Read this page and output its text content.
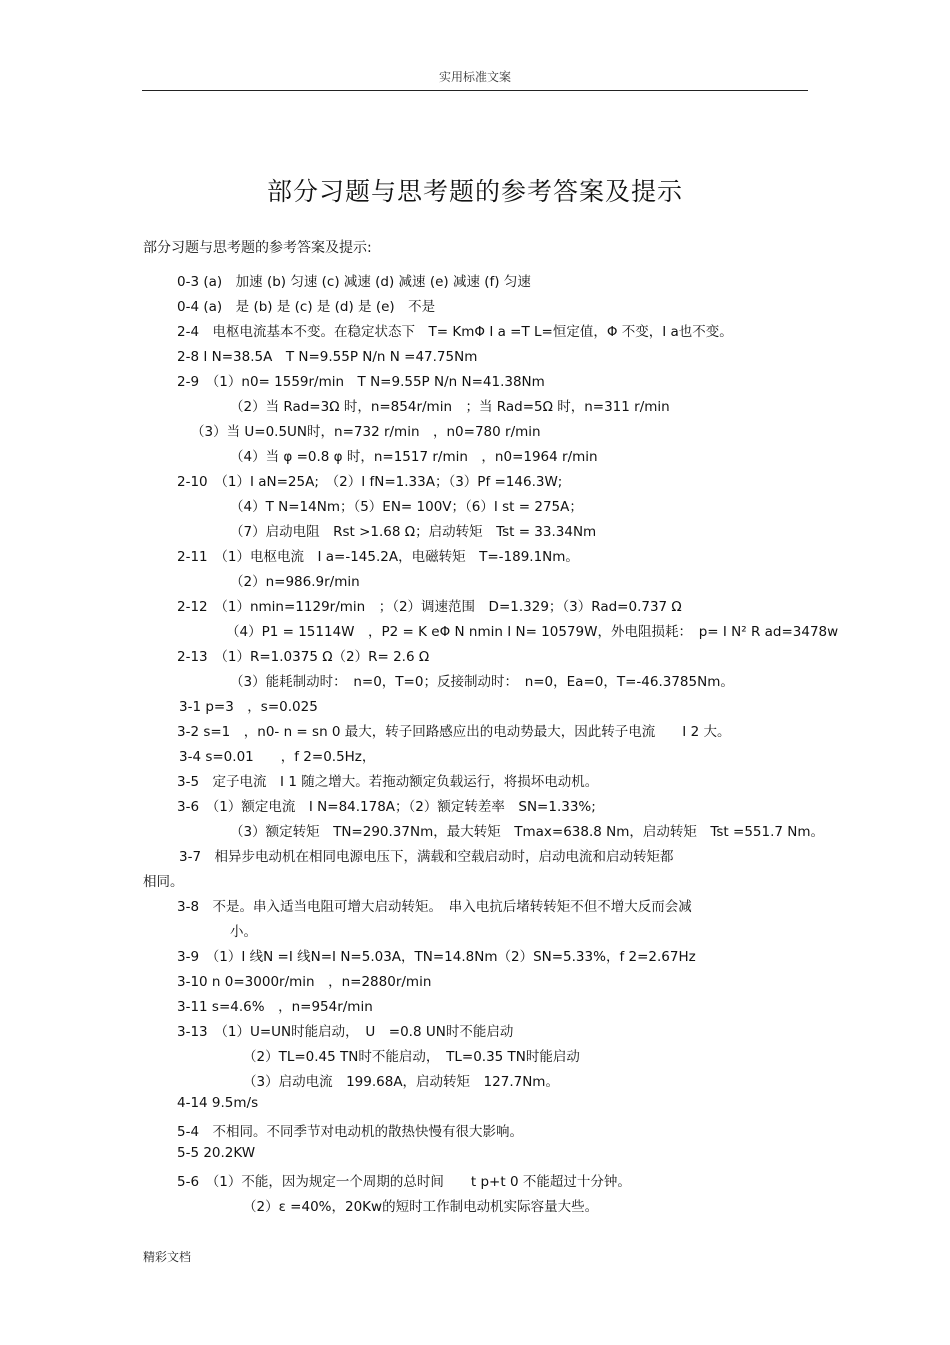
实用标准文案
部分习题与思考题的参考答案及提示
部分习题与思考题的参考答案及提示:
0-3 (a)　加速 (b) 匀速 (c) 减速 (d) 减速 (e) 减速 (f) 匀速
0-4 (a)　是 (b) 是 (c) 是 (d) 是 (e)　不是
2-4　电枢电流基本不变。在稳定状态下　T= KmΦ I a =T L=恒定值，Φ 不变，I a也不变。
2-8 I N=38.5A　T N=9.55P N/n N =47.75Nm
2-9　（1）n0= 1559r/min　T N=9.55P N/n N=41.38Nm
（2）当 Rad=3Ω 时，n=854r/min　；当 Rad=5Ω 时，n=311 r/min
（3）当 U=0.5UN时，n=732 r/min　，n0=780 r/min
（4）当 φ =0.8 φ 时，n=1517 r/min　，n0=1964 r/min
2-10　（1）I aN=25A;　（2）I fN=1.33A；（3）Pf =146.3W;
（4）T N=14Nm；（5）EN= 100V；（6）I st = 275A；
（7）启动电阻　Rst >1.68 Ω；启动转矩　Tst = 33.34Nm
2-11　（1）电枢电流　I a=-145.2A，电磁转矩　T=-189.1Nm。
（2）n=986.9r/min
2-12　（1）nmin=1129r/min　；（2）调速范围　D=1.329；（3）Rad=0.737 Ω
（4）P1 = 15114W　，P2 = K eΦ N nmin I N= 10579W，外电阻损耗：　p= I N² R ad=3478w
2-13　（1）R=1.0375 Ω（2）R= 2.6 Ω
（3）能耗制动时：　n=0，T=0；反接制动时：　n=0，Ea=0，T=-46.3785Nm。
3-1 p=3　，s=0.025
3-2 s=1　，n0- n = sn 0 最大，转子回路感应出的电动势最大，因此转子电流　　I 2 大。
3-4 s=0.01　　，f 2=0.5Hz，
3-5　定子电流　I 1 随之增大。若拖动额定负载运行，将损坏电动机。
3-6　（1）额定电流　I N=84.178A；（2）额定转差率　SN=1.33%;
（3）额定转矩　TN=290.37Nm，最大转矩　Tmax=638.8 Nm，启动转矩　Tst =551.7 Nm。
3-7　相异步电动机在相同电源电压下，满载和空载启动时，启动电流和启动转矩都
相同。
3-8　不是。串入适当电阻可增大启动转矩。　串入电抗后堵转转矩不但不增大反而会减
小。
3-9　（1）I 线N =I 线N=I N=5.03A，TN=14.8Nm（2）SN=5.33%，f 2=2.67Hz
3-10 n 0=3000r/min　，n=2880r/min
3-11 s=4.6%　，n=954r/min
3-13　（1）U=UN时能启动，　U　=0.8 UN时不能启动
（2）TL=0.45 TN时不能启动，　TL=0.35 TN时能启动
（3）启动电流　199.68A，启动转矩　127.7Nm。
4-14 9.5m/s
5-4　不相同。不同季节对电动机的散热快慢有很大影响。
5-5 20.2KW
5-6　（1）不能，因为规定一个周期的总时间　　t p+t 0 不能超过十分钟。
（2）ε =40%，20Kw的短时工作制电动机实际容量大些。
精彩文档
